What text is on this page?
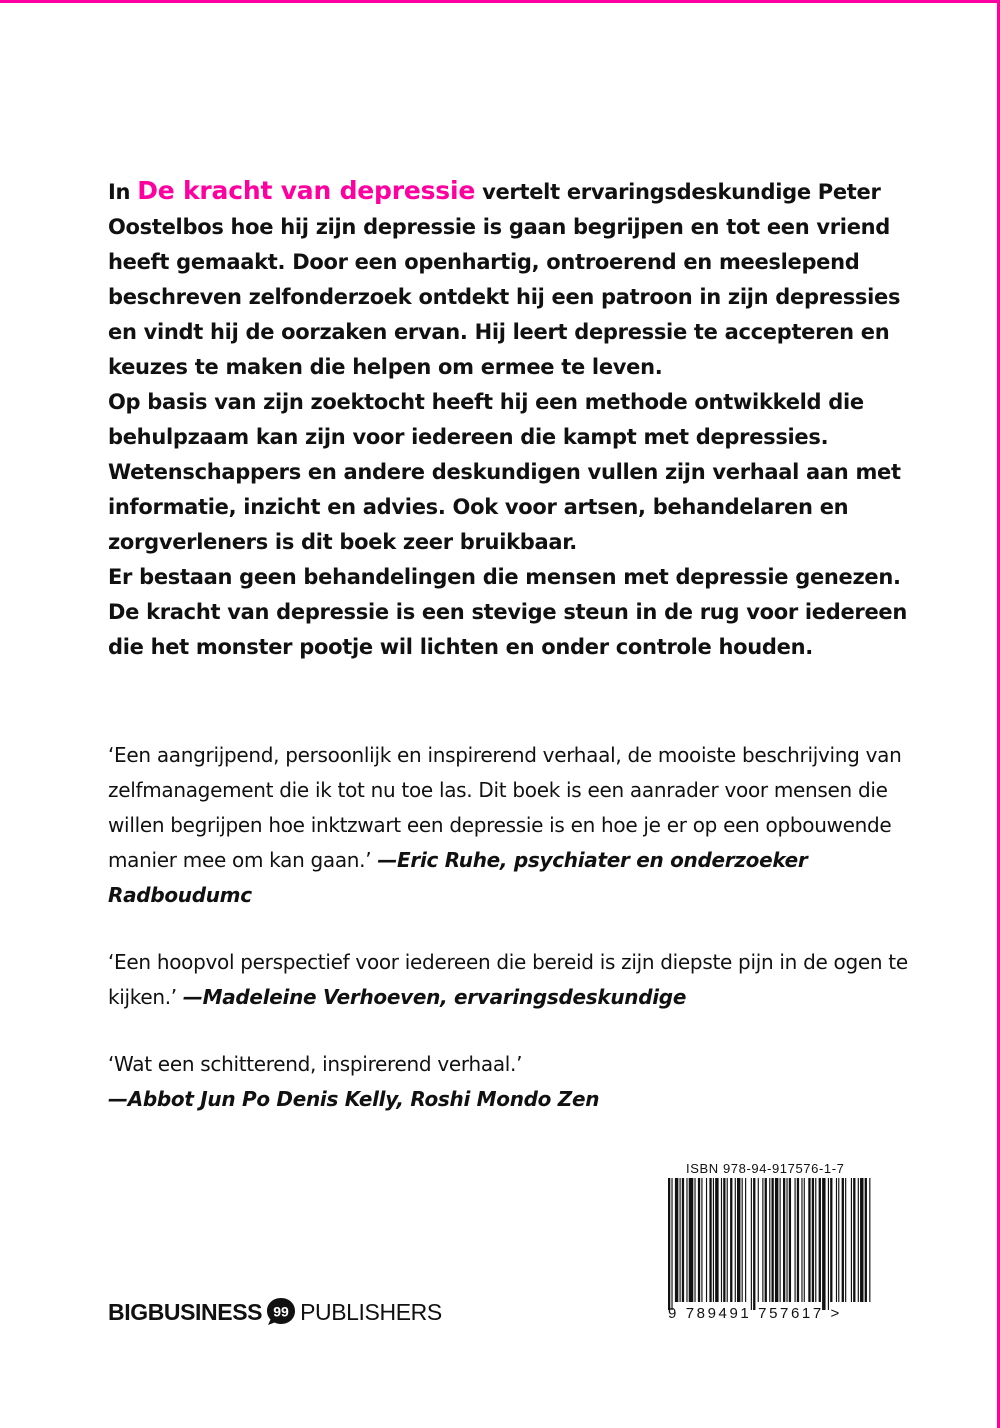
In De kracht van depressie vertelt ervaringsdeskundige Peter Oostelbos hoe hij zijn depressie is gaan begrijpen en tot een vriend heeft gemaakt. Door een openhartig, ontroerend en meeslepend beschreven zelfonderzoek ontdekt hij een patroon in zijn depressies en vindt hij de oorzaken ervan. Hij leert depressie te accepteren en keuzes te maken die helpen om ermee te leven.

Op basis van zijn zoektocht heeft hij een methode ontwikkeld die behulpzaam kan zijn voor iedereen die kampt met depressies. Wetenschappers en andere deskundigen vullen zijn verhaal aan met informatie, inzicht en advies. Ook voor artsen, behandelaren en zorgverleners is dit boek zeer bruikbaar.

Er bestaan geen behandelingen die mensen met depressie genezen. De kracht van depressie is een stevige steun in de rug voor iedereen die het monster pootje wil lichten en onder controle houden.

‘Een aangrijpend, persoonlijk en inspirerend verhaal, de mooiste beschrijving van zelfmanagement die ik tot nu toe las. Dit boek is een aanrader voor mensen die willen begrijpen hoe inktzwart een depressie is en hoe je er op een opbouwende manier mee om kan gaan.’ —Eric Ruhe, psychiater en onderzoeker Radboudumc

‘Een hoopvol perspectief voor iedereen die bereid is zijn diepste pijn in de ogen te kijken.’ —Madeleine Verhoeven, ervaringsdeskundige

‘Wat een schitterend, inspirerend verhaal.’
—Abbot Jun Po Denis Kelly, Roshi Mondo Zen

ISBN 978-94-917576-1-7
9 789491 757617 >
BIGBUSINESS 99 PUBLISHERS
